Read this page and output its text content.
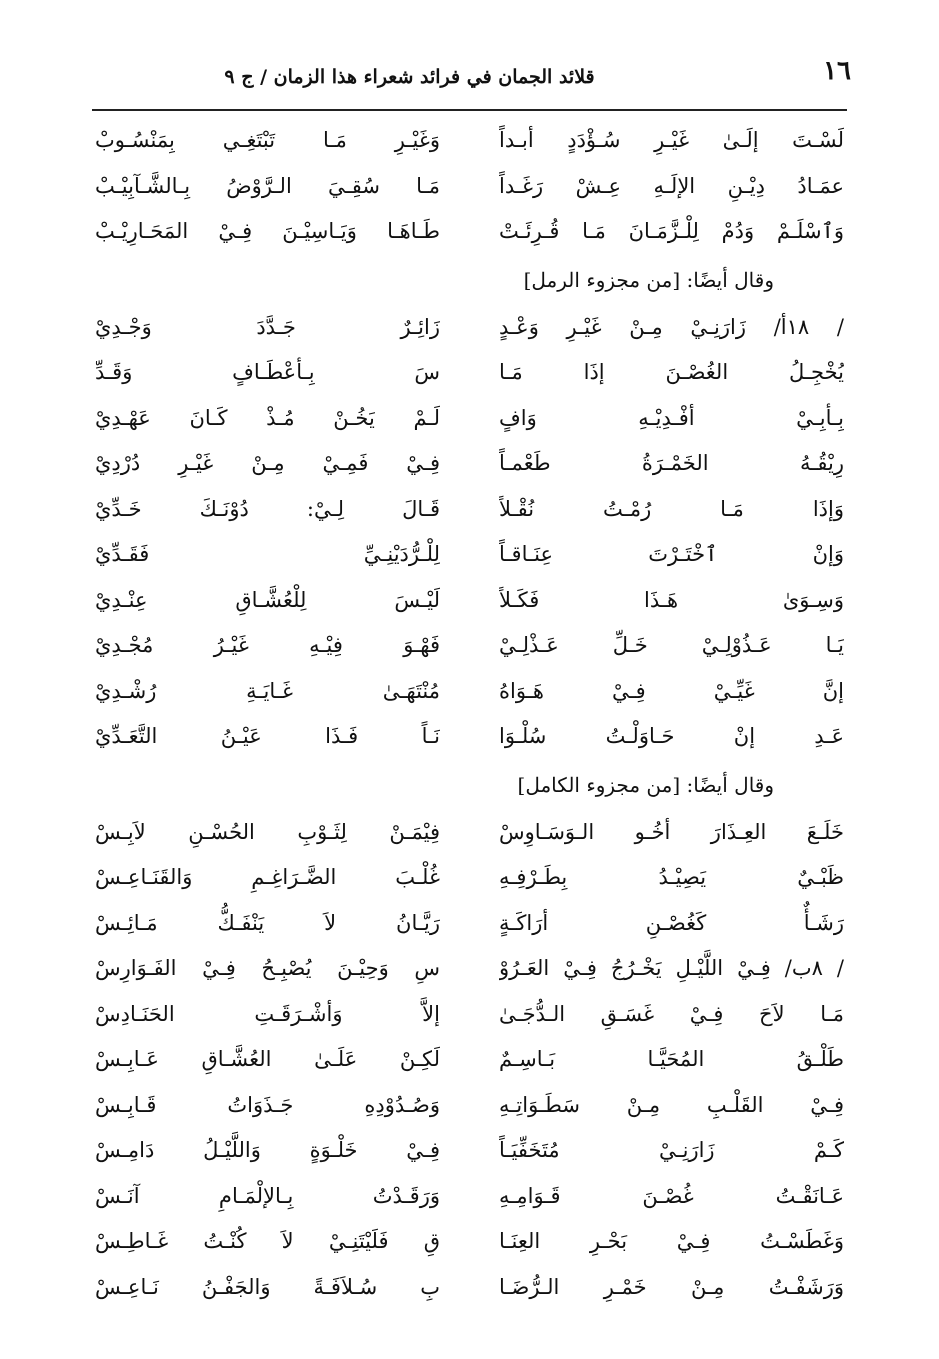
١٦
قلائد الجمان في فرائد شعراء هذا الزمان / ج ٩
لَسْـتَ إلَـىٰ غَيْـرِ سُـؤْدَدٍ أبـداً
وَغَيْـرِ مَـا تَبْتَغِـي بِمَنْسُـوبْ
عمَـادُ دِيْـنِ الإلَـهِ عِـشْ رَغَـداً
مَـا سُقِـيَ الـرَّوْضُ بِـالشَّـآبِيْـبْ
وَٱسْلَـمْ وَدُمْ لِلْـزَّمَـانَ مَـا قُـرِئَـتْ
طَـاهَـا وَيَـاسِيْـنَ فِـيْ المَحَـارِيْـبْ
وقال أيضًا: [من مجزوء الرمل]
/ ١٨أ/ زَارَنِـيْ مِـنْ غَيْـرِ وَعْـدٍ
زَائِـرٌ جَـدَّدَ وَجْـدِيْ
يُخْجِـلُ الغُصْـنَ إذَا مَـا
سَ بِـأعْطَـافٍ وَقَـدِّ
بِـأبِـيْ أفْـدِيْـهِ وَافٍ
لَـمْ يَخُـنْ مُـذْ كَـانَ عَهْـدِيْ
رِيْقُـهُ الخَمْـرَةُ طَعْمـاً
فِـيْ فَمِـيْ مِـنْ غَيْـرِ دُرْدِيْ
وَإذَا مَـا رُمْـتُ نُقْـلاً
قَـالَ لِـيْ: دُوْنَـكَ خَـدِّيْ
وَإنْ ٱخْتَـرْتَ عِنَـاقـاً
لِلْـرُّدَيْنِـيِّ فَقَـدِّيْ
وَسِـوَىٰ هَـذَا فَكَـلاً
لَيْـسَ لِلْعُشَّـاقِ عِنْـدِيْ
يَـا عَـذُوْلِـيْ خَـلِّ عَـذْلِـيْ
فَهْـوَ فِيْـهِ غَيْـرُ مُجْـدِيْ
إنَّ غَيِّـيْ فِـيْ هَـوَاهُ
مُنْتَهَـىٰ غَـايَـةِ رُشْـدِيْ
عَـدِ إنْ حَـاوَلْـتُ سُلْـوَا
نَـاً فَـذَا عَيْـنُ التَّعَـدِّيْ
وقال أيضًا: [من مجزوء الكامل]
خَلَـعَ العِـذَارَ أخُـو الـوَسَـاوِسْ
فِيْمَـنْ لِثَـوْبِ الحُسْـنِ لاَبِـسْ
ظَبْـيٌ يَصِيْـدُ بِطَـرْفِـهِ
غُلْـبَ الضَّـرَاغِـمِ وَالقَنَـاعِـسْ
رَشَـأٌ كَغُصْـنِ أرَاكَـةٍ
رَيَّـانُ لاَ يَنْفَـكُّ مَـائِـسْ
/ ٨ب/ فِـيْ اللَّيْـلِ يَخْـرُجُ فِـيْ العَـرُوْ
سِ وَحِيْـنَ يُصْبِـحُ فِـيْ الفَـوَارِسْ
مَـا لاَحَ فِـيْ غَسَـقِ الـدُّجَـىٰ
إلاَّ وَأشْـرَقَـتِ الحَنَـادِسْ
طَلْـقُ المُحَيَّـا بَـاسِـمٌ
لَكِـنْ عَلَـىٰ العُشَّـاقِ عَـابِـسْ
فِـيْ القَلْـبِ مِـنْ سَطَـوَاتِـهِ
وَصُـدُوْدِهِ جَـذَوَاتُ قَـابِـسْ
كَـمْ زَارَنِـيْ مُتَخَفِّيَـاً
فِـيْ خَلْـوَةٍ وَاللَّيْـلُ دَامِـسْ
عَـانَقْـتُ غُصْـنَ قَـوَامِـهِ
وَرَقَـدْتُ بِـالإلْمَـامِ آنَـسْ
وَغَطَسْـتُ فِـيْ بَحْـرِ العِنَـا
قِ فَلَيْتَنِـيْ لاَ كُنْـتُ غَـاطِـسْ
وَرَشَفْـتُ مِـنْ خَمْـرِ الـرُّضَـا
بِ سُـلاَفَـةً وَالجَفْـنُ نَـاعِـسْ
